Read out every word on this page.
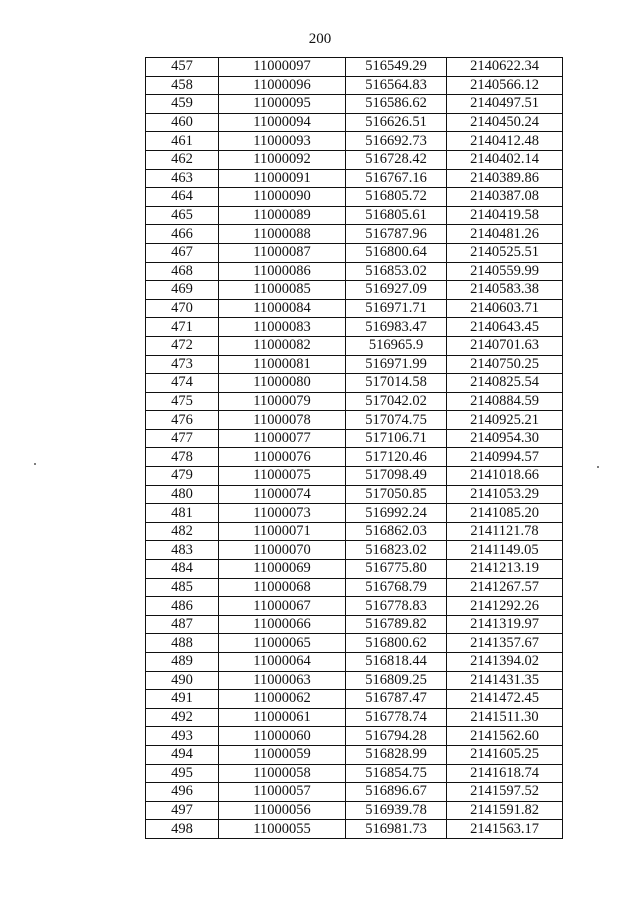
200
457	11000097	516549.29	2140622.34
458	11000096	516564.83	2140566.12
459	11000095	516586.62	2140497.51
460	11000094	516626.51	2140450.24
461	11000093	516692.73	2140412.48
462	11000092	516728.42	2140402.14
463	11000091	516767.16	2140389.86
464	11000090	516805.72	2140387.08
465	11000089	516805.61	2140419.58
466	11000088	516787.96	2140481.26
467	11000087	516800.64	2140525.51
468	11000086	516853.02	2140559.99
469	11000085	516927.09	2140583.38
470	11000084	516971.71	2140603.71
471	11000083	516983.47	2140643.45
472	11000082	516965.9	2140701.63
473	11000081	516971.99	2140750.25
474	11000080	517014.58	2140825.54
475	11000079	517042.02	2140884.59
476	11000078	517074.75	2140925.21
477	11000077	517106.71	2140954.30
478	11000076	517120.46	2140994.57
479	11000075	517098.49	2141018.66
480	11000074	517050.85	2141053.29
481	11000073	516992.24	2141085.20
482	11000071	516862.03	2141121.78
483	11000070	516823.02	2141149.05
484	11000069	516775.80	2141213.19
485	11000068	516768.79	2141267.57
486	11000067	516778.83	2141292.26
487	11000066	516789.82	2141319.97
488	11000065	516800.62	2141357.67
489	11000064	516818.44	2141394.02
490	11000063	516809.25	2141431.35
491	11000062	516787.47	2141472.45
492	11000061	516778.74	2141511.30
493	11000060	516794.28	2141562.60
494	11000059	516828.99	2141605.25
495	11000058	516854.75	2141618.74
496	11000057	516896.67	2141597.52
497	11000056	516939.78	2141591.82
498	11000055	516981.73	2141563.17
